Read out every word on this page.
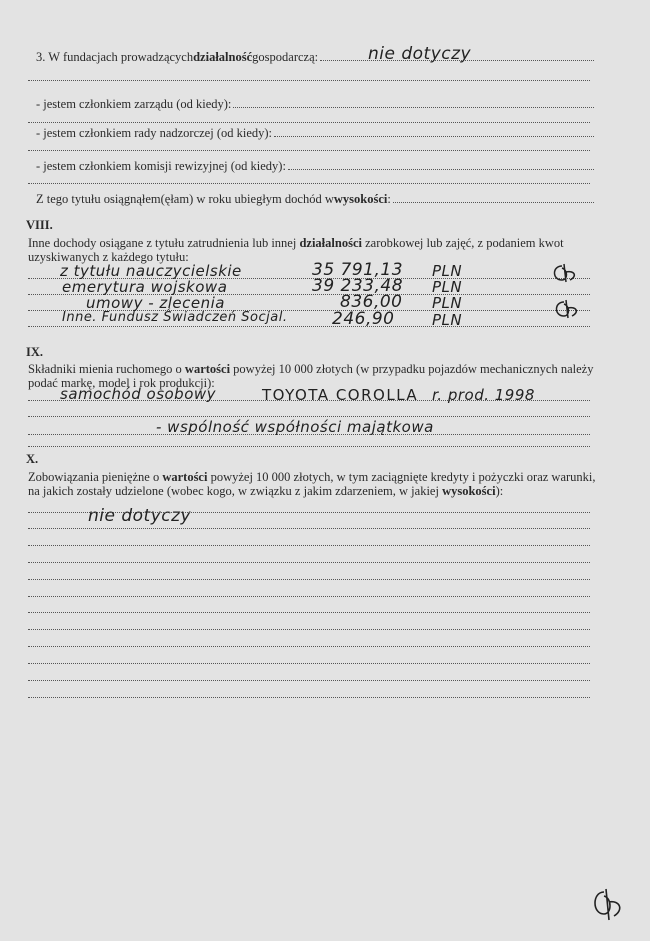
3. W fundacjach prowadzących działalność gospodarczą:	nie dotyczy
- jestem członkiem zarządu (od kiedy):
- jestem członkiem rady nadzorczej (od kiedy):
- jestem członkiem komisji rewizyjnej (od kiedy):
Z tego tytułu osiągnąłem(ęłam) w roku ubiegłym dochód w wysokości :
VIII.
Inne dochody osiągane z tytułu zatrudnienia lub innej działalności zarobkowej lub zajęć, z podaniem kwot uzyskiwanych z każdego tytułu:
z tytułu nauczycielskie	35 791,13 PLN
emerytura wojskowa	39 233,48 PLN
umowy - zlecenia	836,00 PLN
Inne. Fundusz Świadczeń Socjal.	246,90	PLN
IX.
Składniki mienia ruchomego o wartości powyżej 10 000 złotych (w przypadku pojazdów mechanicznych należy podać markę, model i rok produkcji):
samochód osobowy	TOYOTA COROLLA r. prod. 1998
- wspólność współności majątkowa
X.
Zobowiązania pieniężne o wartości powyżej 10 000 złotych, w tym zaciągnięte kredyty i pożyczki oraz warunki, na jakich zostały udzielone (wobec kogo, w związku z jakim zdarzeniem, w jakiej wysokości):
nie dotyczy
